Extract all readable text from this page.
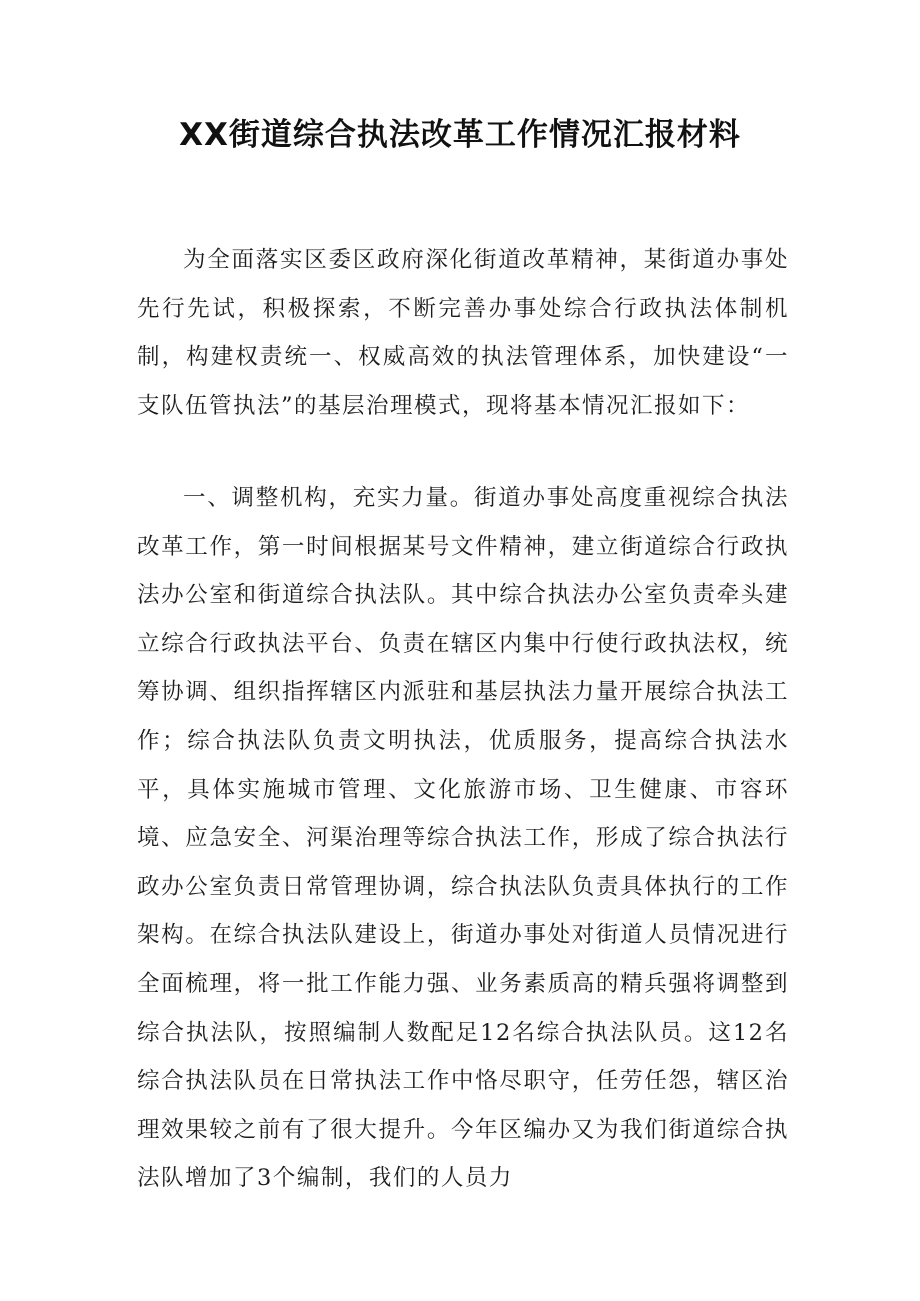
XX街道综合执法改革工作情况汇报材料

为全面落实区委区政府深化街道改革精神，某街道办事处先行先试，积极探索，不断完善办事处综合行政执法体制机制，构建权责统一、权威高效的执法管理体系，加快建设“一支队伍管执法”的基层治理模式，现将基本情况汇报如下：

一、调整机构，充实力量。街道办事处高度重视综合执法改革工作，第一时间根据某号文件精神，建立街道综合行政执法办公室和街道综合执法队。其中综合执法办公室负责牵头建立综合行政执法平台、负责在辖区内集中行使行政执法权，统筹协调、组织指挥辖区内派驻和基层执法力量开展综合执法工作；综合执法队负责文明执法，优质服务，提高综合执法水平，具体实施城市管理、文化旅游市场、卫生健康、市容环境、应急安全、河渠治理等综合执法工作，形成了综合执法行政办公室负责日常管理协调，综合执法队负责具体执行的工作架构。在综合执法队建设上，街道办事处对街道人员情况进行全面梳理，将一批工作能力强、业务素质高的精兵强将调整到综合执法队，按照编制人数配足12名综合执法队员。这12名综合执法队员在日常执法工作中恪尽职守，任劳任怨，辖区治理效果较之前有了很大提升。今年区编办又为我们街道综合执法队增加了3个编制，我们的人员力
